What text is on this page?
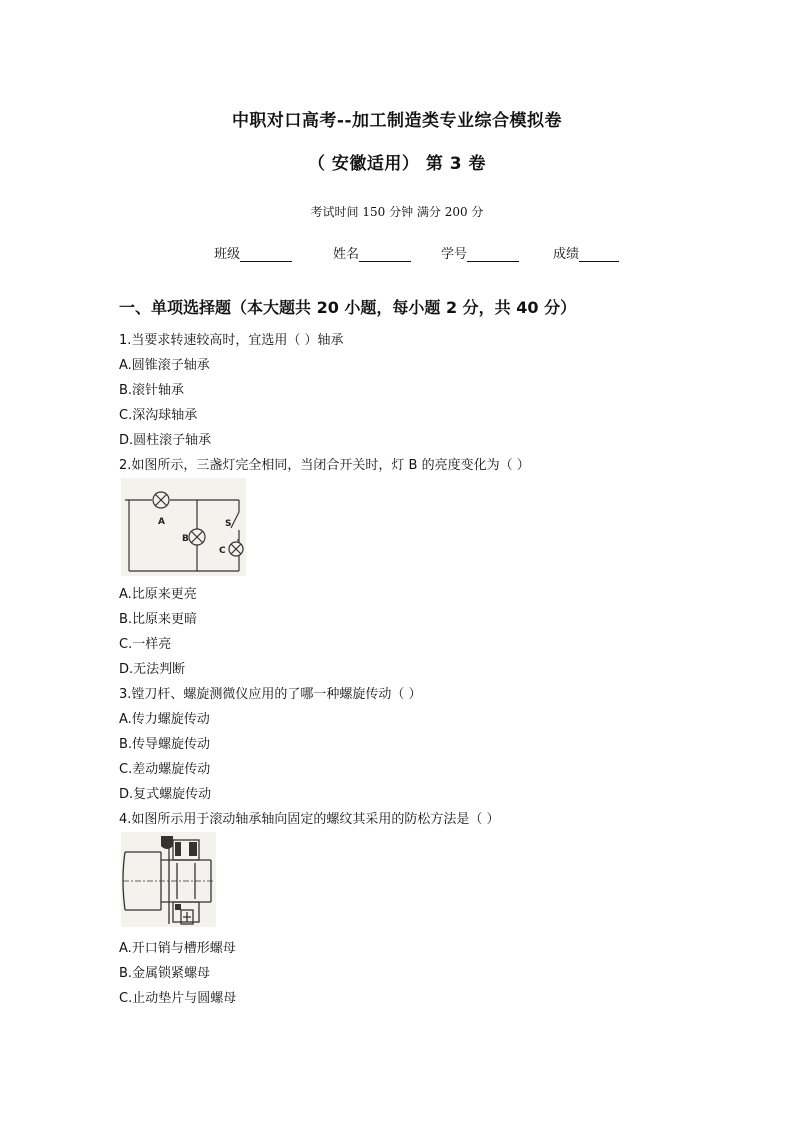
中职对口高考--加工制造类专业综合模拟卷
（ 安徽适用） 第 3 卷
考试时间 150 分钟 满分 200 分
班级	姓名	学号	成绩
一、单项选择题（本大题共 20 小题，每小题 2 分，共 40 分）
1.当要求转速较高时，宜选用（ ）轴承
A.圆锥滚子轴承
B.滚针轴承
C.深沟球轴承
D.圆柱滚子轴承
2.如图所示，三盏灯完全相同，当闭合开关时，灯 B 的亮度变化为（ ）
A
B
C
S
A.比原来更亮
B.比原来更暗
C.一样亮
D.无法判断
3.镗刀杆、螺旋测微仪应用的了哪一种螺旋传动（ ）
A.传力螺旋传动
B.传导螺旋传动
C.差动螺旋传动
D.复式螺旋传动
4.如图所示用于滚动轴承轴向固定的螺纹其采用的防松方法是（ ）
A.开口销与槽形螺母
B.金属锁紧螺母
C.止动垫片与圆螺母
